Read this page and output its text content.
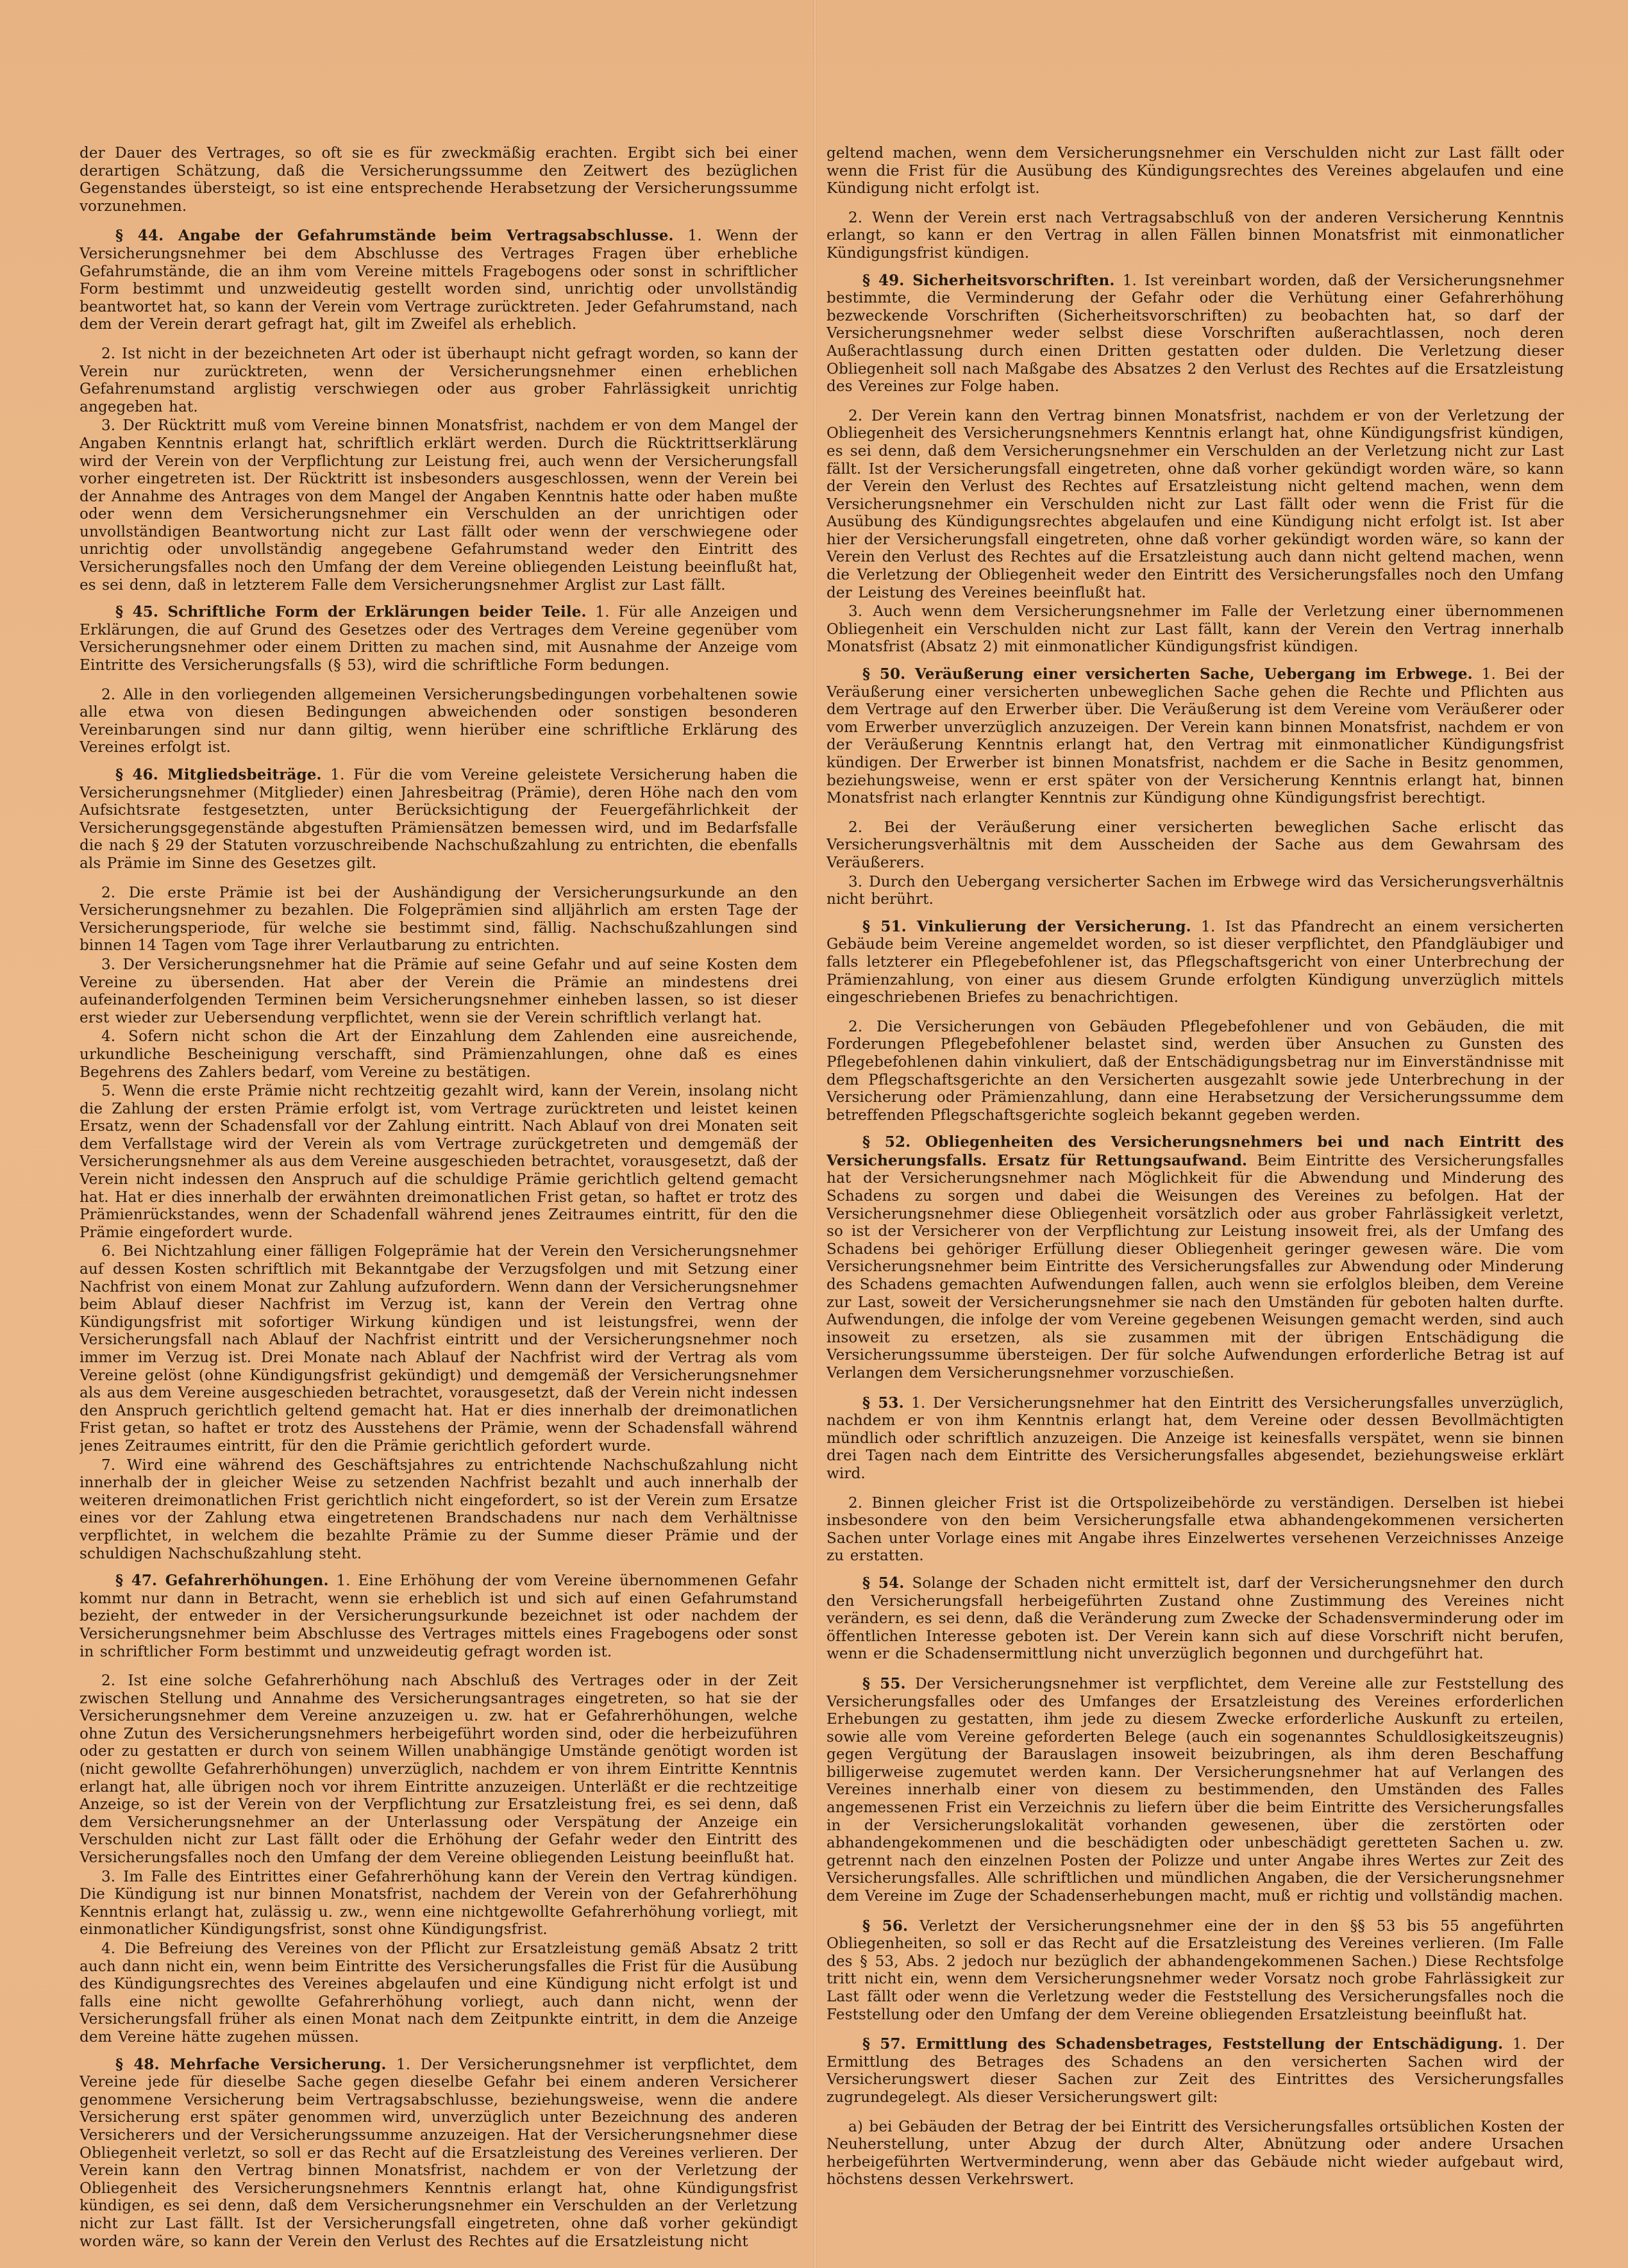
der Dauer des Vertrages, so oft sie es für zweckmäßig erachten. Ergibt sich bei einer derartigen Schätzung, daß die Versicherungssumme den Zeitwert des bezüglichen Gegenstandes übersteigt, so ist eine entsprechende Herabsetzung der Versicherungssumme vorzunehmen.

§ 44. Angabe der Gefahrumstände beim Vertragsabschlusse. 1. Wenn der Versicherungsnehmer bei dem Abschlusse des Vertrages Fragen über erhebliche Gefahrumstände, die an ihm vom Vereine mittels Fragebogens oder sonst in schriftlicher Form bestimmt und unzweideutig gestellt worden sind, unrichtig oder unvollständig beantwortet hat, so kann der Verein vom Vertrage zurücktreten. Jeder Gefahrumstand, nach dem der Verein derart gefragt hat, gilt im Zweifel als erheblich.

2. Ist nicht in der bezeichneten Art oder ist überhaupt nicht gefragt worden, so kann der Verein nur zurücktreten, wenn der Versicherungsnehmer einen erheblichen Gefahrenumstand arglistig verschwiegen oder aus grober Fahrlässigkeit unrichtig angegeben hat.

3. Der Rücktritt muß vom Vereine binnen Monatsfrist, nachdem er von dem Mangel der Angaben Kenntnis erlangt hat, schriftlich erklärt werden. Durch die Rücktrittserklärung wird der Verein von der Verpflichtung zur Leistung frei, auch wenn der Versicherungsfall vorher eingetreten ist. Der Rücktritt ist insbesonders ausgeschlossen, wenn der Verein bei der Annahme des Antrages von dem Mangel der Angaben Kenntnis hatte oder haben mußte oder wenn dem Versicherungsnehmer ein Verschulden an der unrichtigen oder unvollständigen Beantwortung nicht zur Last fällt oder wenn der verschwiegene oder unrichtig oder unvollständig angegebene Gefahrumstand weder den Eintritt des Versicherungsfalles noch den Umfang der dem Vereine obliegenden Leistung beeinflußt hat, es sei denn, daß in letzterem Falle dem Versicherungsnehmer Arglist zur Last fällt.

§ 45. Schriftliche Form der Erklärungen beider Teile. 1. Für alle Anzeigen und Erklärungen, die auf Grund des Gesetzes oder des Vertrages dem Vereine gegenüber vom Versicherungsnehmer oder einem Dritten zu machen sind, mit Ausnahme der Anzeige vom Eintritte des Versicherungsfalls (§ 53), wird die schriftliche Form bedungen.

2. Alle in den vorliegenden allgemeinen Versicherungsbedingungen vorbehaltenen sowie alle etwa von diesen Bedingungen abweichenden oder sonstigen besonderen Vereinbarungen sind nur dann giltig, wenn hierüber eine schriftliche Erklärung des Vereines erfolgt ist.

§ 46. Mitgliedsbeiträge. 1. Für die vom Vereine geleistete Versicherung haben die Versicherungsnehmer (Mitglieder) einen Jahresbeitrag (Prämie), deren Höhe nach den vom Aufsichtsrate festgesetzten, unter Berücksichtigung der Feuergefährlichkeit der Versicherungsgegenstände abgestuften Prämiensätzen bemessen wird, und im Bedarfsfalle die nach § 29 der Statuten vorzuschreibende Nachschußzahlung zu entrichten, die ebenfalls als Prämie im Sinne des Gesetzes gilt.

2. Die erste Prämie ist bei der Aushändigung der Versicherungsurkunde an den Versicherungsnehmer zu bezahlen. Die Folgeprämien sind alljährlich am ersten Tage der Versicherungsperiode, für welche sie bestimmt sind, fällig. Nachschußzahlungen sind binnen 14 Tagen vom Tage ihrer Verlautbarung zu entrichten.

3. Der Versicherungsnehmer hat die Prämie auf seine Gefahr und auf seine Kosten dem Vereine zu übersenden. Hat aber der Verein die Prämie an mindestens drei aufeinanderfolgenden Terminen beim Versicherungsnehmer einheben lassen, so ist dieser erst wieder zur Uebersendung verpflichtet, wenn sie der Verein schriftlich verlangt hat.

4. Sofern nicht schon die Art der Einzahlung dem Zahlenden eine ausreichende, urkundliche Bescheinigung verschafft, sind Prämienzahlungen, ohne daß es eines Begehrens des Zahlers bedarf, vom Vereine zu bestätigen.

5. Wenn die erste Prämie nicht rechtzeitig gezahlt wird, kann der Verein, insolang nicht die Zahlung der ersten Prämie erfolgt ist, vom Vertrage zurücktreten und leistet keinen Ersatz, wenn der Schadensfall vor der Zahlung eintritt. Nach Ablauf von drei Monaten seit dem Verfallstage wird der Verein als vom Vertrage zurückgetreten und demgemäß der Versicherungsnehmer als aus dem Vereine ausgeschieden betrachtet, vorausgesetzt, daß der Verein nicht indessen den Anspruch auf die schuldige Prämie gerichtlich geltend gemacht hat. Hat er dies innerhalb der erwähnten dreimonatlichen Frist getan, so haftet er trotz des Prämienrückstandes, wenn der Schadenfall während jenes Zeitraumes eintritt, für den die Prämie eingefordert wurde.

6. Bei Nichtzahlung einer fälligen Folgeprämie hat der Verein den Versicherungsnehmer auf dessen Kosten schriftlich mit Bekanntgabe der Verzugsfolgen und mit Setzung einer Nachfrist von einem Monat zur Zahlung aufzufordern. Wenn dann der Versicherungsnehmer beim Ablauf dieser Nachfrist im Verzug ist, kann der Verein den Vertrag ohne Kündigungsfrist mit sofortiger Wirkung kündigen und ist leistungsfrei, wenn der Versicherungsfall nach Ablauf der Nachfrist eintritt und der Versicherungsnehmer noch immer im Verzug ist. Drei Monate nach Ablauf der Nachfrist wird der Vertrag als vom Vereine gelöst (ohne Kündigungsfrist gekündigt) und demgemäß der Versicherungsnehmer als aus dem Vereine ausgeschieden betrachtet, vorausgesetzt, daß der Verein nicht indessen den Anspruch gerichtlich geltend gemacht hat. Hat er dies innerhalb der dreimonatlichen Frist getan, so haftet er trotz des Ausstehens der Prämie, wenn der Schadensfall während jenes Zeitraumes eintritt, für den die Prämie gerichtlich gefordert wurde.

7. Wird eine während des Geschäftsjahres zu entrichtende Nachschußzahlung nicht innerhalb der in gleicher Weise zu setzenden Nachfrist bezahlt und auch innerhalb der weiteren dreimonatlichen Frist gerichtlich nicht eingefordert, so ist der Verein zum Ersatze eines vor der Zahlung etwa eingetretenen Brandschadens nur nach dem Verhältnisse verpflichtet, in welchem die bezahlte Prämie zu der Summe dieser Prämie und der schuldigen Nachschußzahlung steht.

§ 47. Gefahrerhöhungen. 1. Eine Erhöhung der vom Vereine übernommenen Gefahr kommt nur dann in Betracht, wenn sie erheblich ist und sich auf einen Gefahrumstand bezieht, der entweder in der Versicherungsurkunde bezeichnet ist oder nachdem der Versicherungsnehmer beim Abschlusse des Vertrages mittels eines Fragebogens oder sonst in schriftlicher Form bestimmt und unzweideutig gefragt worden ist.

2. Ist eine solche Gefahrerhöhung nach Abschluß des Vertrages oder in der Zeit zwischen Stellung und Annahme des Versicherungsantrages eingetreten, so hat sie der Versicherungsnehmer dem Vereine anzuzeigen u. zw. hat er Gefahrerhöhungen, welche ohne Zutun des Versicherungsnehmers herbeigeführt worden sind, oder die herbeizuführen oder zu gestatten er durch von seinem Willen unabhängige Umstände genötigt worden ist (nicht gewollte Gefahrerhöhungen) unverzüglich, nachdem er von ihrem Eintritte Kenntnis erlangt hat, alle übrigen noch vor ihrem Eintritte anzuzeigen. Unterläßt er die rechtzeitige Anzeige, so ist der Verein von der Verpflichtung zur Ersatzleistung frei, es sei denn, daß dem Versicherungsnehmer an der Unterlassung oder Verspätung der Anzeige ein Verschulden nicht zur Last fällt oder die Erhöhung der Gefahr weder den Eintritt des Versicherungsfalles noch den Umfang der dem Vereine obliegenden Leistung beeinflußt hat.

3. Im Falle des Eintrittes einer Gefahrerhöhung kann der Verein den Vertrag kündigen. Die Kündigung ist nur binnen Monatsfrist, nachdem der Verein von der Gefahrerhöhung Kenntnis erlangt hat, zulässig u. zw., wenn eine nichtgewollte Gefahrerhöhung vorliegt, mit einmonatlicher Kündigungsfrist, sonst ohne Kündigungsfrist.

4. Die Befreiung des Vereines von der Pflicht zur Ersatzleistung gemäß Absatz 2 tritt auch dann nicht ein, wenn beim Eintritte des Versicherungsfalles die Frist für die Ausübung des Kündigungsrechtes des Vereines abgelaufen und eine Kündigung nicht erfolgt ist und falls eine nicht gewollte Gefahrerhöhung vorliegt, auch dann nicht, wenn der Versicherungsfall früher als einen Monat nach dem Zeitpunkte eintritt, in dem die Anzeige dem Vereine hätte zugehen müssen.

§ 48. Mehrfache Versicherung. 1. Der Versicherungsnehmer ist verpflichtet, dem Vereine jede für dieselbe Sache gegen dieselbe Gefahr bei einem anderen Versicherer genommene Versicherung beim Vertragsabschlusse, beziehungsweise, wenn die andere Versicherung erst später genommen wird, unverzüglich unter Bezeichnung des anderen Versicherers und der Versicherungssumme anzuzeigen. Hat der Versicherungsnehmer diese Obliegenheit verletzt, so soll er das Recht auf die Ersatzleistung des Vereines verlieren. Der Verein kann den Vertrag binnen Monatsfrist, nachdem er von der Verletzung der Obliegenheit des Versicherungsnehmers Kenntnis erlangt hat, ohne Kündigungsfrist kündigen, es sei denn, daß dem Versicherungsnehmer ein Verschulden an der Verletzung nicht zur Last fällt. Ist der Versicherungsfall eingetreten, ohne daß vorher gekündigt worden wäre, so kann der Verein den Verlust des Rechtes auf die Ersatzleistung nicht

geltend machen, wenn dem Versicherungsnehmer ein Verschulden nicht zur Last fällt oder wenn die Frist für die Ausübung des Kündigungsrechtes des Vereines abgelaufen und eine Kündigung nicht erfolgt ist.

2. Wenn der Verein erst nach Vertragsabschluß von der anderen Versicherung Kenntnis erlangt, so kann er den Vertrag in allen Fällen binnen Monatsfrist mit einmonatlicher Kündigungsfrist kündigen.

§ 49. Sicherheitsvorschriften. 1. Ist vereinbart worden, daß der Versicherungsnehmer bestimmte, die Verminderung der Gefahr oder die Verhütung einer Gefahrerhöhung bezweckende Vorschriften (Sicherheitsvorschriften) zu beobachten hat, so darf der Versicherungsnehmer weder selbst diese Vorschriften außerachtlassen, noch deren Außerachtlassung durch einen Dritten gestatten oder dulden. Die Verletzung dieser Obliegenheit soll nach Maßgabe des Absatzes 2 den Verlust des Rechtes auf die Ersatzleistung des Vereines zur Folge haben.

2. Der Verein kann den Vertrag binnen Monatsfrist, nachdem er von der Verletzung der Obliegenheit des Versicherungsnehmers Kenntnis erlangt hat, ohne Kündigungsfrist kündigen, es sei denn, daß dem Versicherungsnehmer ein Verschulden an der Verletzung nicht zur Last fällt. Ist der Versicherungsfall eingetreten, ohne daß vorher gekündigt worden wäre, so kann der Verein den Verlust des Rechtes auf Ersatzleistung nicht geltend machen, wenn dem Versicherungsnehmer ein Verschulden nicht zur Last fällt oder wenn die Frist für die Ausübung des Kündigungsrechtes abgelaufen und eine Kündigung nicht erfolgt ist. Ist aber hier der Versicherungsfall eingetreten, ohne daß vorher gekündigt worden wäre, so kann der Verein den Verlust des Rechtes auf die Ersatzleistung auch dann nicht geltend machen, wenn die Verletzung der Obliegenheit weder den Eintritt des Versicherungsfalles noch den Umfang der Leistung des Vereines beeinflußt hat.

3. Auch wenn dem Versicherungsnehmer im Falle der Verletzung einer übernommenen Obliegenheit ein Verschulden nicht zur Last fällt, kann der Verein den Vertrag innerhalb Monatsfrist (Absatz 2) mit einmonatlicher Kündigungsfrist kündigen.

§ 50. Veräußerung einer versicherten Sache, Uebergang im Erbwege. 1. Bei der Veräußerung einer versicherten unbeweglichen Sache gehen die Rechte und Pflichten aus dem Vertrage auf den Erwerber über. Die Veräußerung ist dem Vereine vom Veräußerer oder vom Erwerber unverzüglich anzuzeigen. Der Verein kann binnen Monatsfrist, nachdem er von der Veräußerung Kenntnis erlangt hat, den Vertrag mit einmonatlicher Kündigungsfrist kündigen. Der Erwerber ist binnen Monatsfrist, nachdem er die Sache in Besitz genommen, beziehungsweise, wenn er erst später von der Versicherung Kenntnis erlangt hat, binnen Monatsfrist nach erlangter Kenntnis zur Kündigung ohne Kündigungsfrist berechtigt.

2. Bei der Veräußerung einer versicherten beweglichen Sache erlischt das Versicherungsverhältnis mit dem Ausscheiden der Sache aus dem Gewahrsam des Veräußerers.

3. Durch den Uebergang versicherter Sachen im Erbwege wird das Versicherungsverhältnis nicht berührt.

§ 51. Vinkulierung der Versicherung. 1. Ist das Pfandrecht an einem versicherten Gebäude beim Vereine angemeldet worden, so ist dieser verpflichtet, den Pfandgläubiger und falls letzterer ein Pflegebefohlener ist, das Pflegschaftsgericht von einer Unterbrechung der Prämienzahlung, von einer aus diesem Grunde erfolgten Kündigung unverzüglich mittels eingeschriebenen Briefes zu benachrichtigen.

2. Die Versicherungen von Gebäuden Pflegebefohlener und von Gebäuden, die mit Forderungen Pflegebefohlener belastet sind, werden über Ansuchen zu Gunsten des Pflegebefohlenen dahin vinkuliert, daß der Entschädigungsbetrag nur im Einverständnisse mit dem Pflegschaftsgerichte an den Versicherten ausgezahlt sowie jede Unterbrechung in der Versicherung oder Prämienzahlung, dann eine Herabsetzung der Versicherungssumme dem betreffenden Pflegschaftsgerichte sogleich bekannt gegeben werden.

§ 52. Obliegenheiten des Versicherungsnehmers bei und nach Eintritt des Versicherungsfalls. Ersatz für Rettungsaufwand. Beim Eintritte des Versicherungsfalles hat der Versicherungsnehmer nach Möglichkeit für die Abwendung und Minderung des Schadens zu sorgen und dabei die Weisungen des Vereines zu befolgen. Hat der Versicherungsnehmer diese Obliegenheit vorsätzlich oder aus grober Fahrlässigkeit verletzt, so ist der Versicherer von der Verpflichtung zur Leistung insoweit frei, als der Umfang des Schadens bei gehöriger Erfüllung dieser Obliegenheit geringer gewesen wäre. Die vom Versicherungsnehmer beim Eintritte des Versicherungsfalles zur Abwendung oder Minderung des Schadens gemachten Aufwendungen fallen, auch wenn sie erfolglos bleiben, dem Vereine zur Last, soweit der Versicherungsnehmer sie nach den Umständen für geboten halten durfte. Aufwendungen, die infolge der vom Vereine gegebenen Weisungen gemacht werden, sind auch insoweit zu ersetzen, als sie zusammen mit der übrigen Entschädigung die Versicherungssumme übersteigen. Der für solche Aufwendungen erforderliche Betrag ist auf Verlangen dem Versicherungsnehmer vorzuschießen.

§ 53. 1. Der Versicherungsnehmer hat den Eintritt des Versicherungsfalles unverzüglich, nachdem er von ihm Kenntnis erlangt hat, dem Vereine oder dessen Bevollmächtigten mündlich oder schriftlich anzuzeigen. Die Anzeige ist keinesfalls verspätet, wenn sie binnen drei Tagen nach dem Eintritte des Versicherungsfalles abgesendet, beziehungsweise erklärt wird.

2. Binnen gleicher Frist ist die Ortspolizeibehörde zu verständigen. Derselben ist hiebei insbesondere von den beim Versicherungsfalle etwa abhandengekommenen versicherten Sachen unter Vorlage eines mit Angabe ihres Einzelwertes versehenen Verzeichnisses Anzeige zu erstatten.

§ 54. Solange der Schaden nicht ermittelt ist, darf der Versicherungsnehmer den durch den Versicherungsfall herbeigeführten Zustand ohne Zustimmung des Vereines nicht verändern, es sei denn, daß die Veränderung zum Zwecke der Schadensverminderung oder im öffentlichen Interesse geboten ist. Der Verein kann sich auf diese Vorschrift nicht berufen, wenn er die Schadensermittlung nicht unverzüglich begonnen und durchgeführt hat.

§ 55. Der Versicherungsnehmer ist verpflichtet, dem Vereine alle zur Feststellung des Versicherungsfalles oder des Umfanges der Ersatzleistung des Vereines erforderlichen Erhebungen zu gestatten, ihm jede zu diesem Zwecke erforderliche Auskunft zu erteilen, sowie alle vom Vereine geforderten Belege (auch ein sogenanntes Schuldlosigkeitszeugnis) gegen Vergütung der Barauslagen insoweit beizubringen, als ihm deren Beschaffung billigerweise zugemutet werden kann. Der Versicherungsnehmer hat auf Verlangen des Vereines innerhalb einer von diesem zu bestimmenden, den Umständen des Falles angemessenen Frist ein Verzeichnis zu liefern über die beim Eintritte des Versicherungsfalles in der Versicherungslokalität vorhanden gewesenen, über die zerstörten oder abhandengekommenen und die beschädigten oder unbeschädigt geretteten Sachen u. zw. getrennt nach den einzelnen Posten der Polizze und unter Angabe ihres Wertes zur Zeit des Versicherungsfalles. Alle schriftlichen und mündlichen Angaben, die der Versicherungsnehmer dem Vereine im Zuge der Schadenserhebungen macht, muß er richtig und vollständig machen.

§ 56. Verletzt der Versicherungsnehmer eine der in den §§ 53 bis 55 angeführten Obliegenheiten, so soll er das Recht auf die Ersatzleistung des Vereines verlieren. (Im Falle des § 53, Abs. 2 jedoch nur bezüglich der abhandengekommenen Sachen.) Diese Rechtsfolge tritt nicht ein, wenn dem Versicherungsnehmer weder Vorsatz noch grobe Fahrlässigkeit zur Last fällt oder wenn die Verletzung weder die Feststellung des Versicherungsfalles noch die Feststellung oder den Umfang der dem Vereine obliegenden Ersatzleistung beeinflußt hat.

§ 57. Ermittlung des Schadensbetrages, Feststellung der Entschädigung. 1. Der Ermittlung des Betrages des Schadens an den versicherten Sachen wird der Versicherungswert dieser Sachen zur Zeit des Eintrittes des Versicherungsfalles zugrundegelegt. Als dieser Versicherungswert gilt:

a) bei Gebäuden der Betrag der bei Eintritt des Versicherungsfalles ortsüblichen Kosten der Neuherstellung, unter Abzug der durch Alter, Abnützung oder andere Ursachen herbeigeführten Wertverminderung, wenn aber das Gebäude nicht wieder aufgebaut wird, höchstens dessen Verkehrswert.
